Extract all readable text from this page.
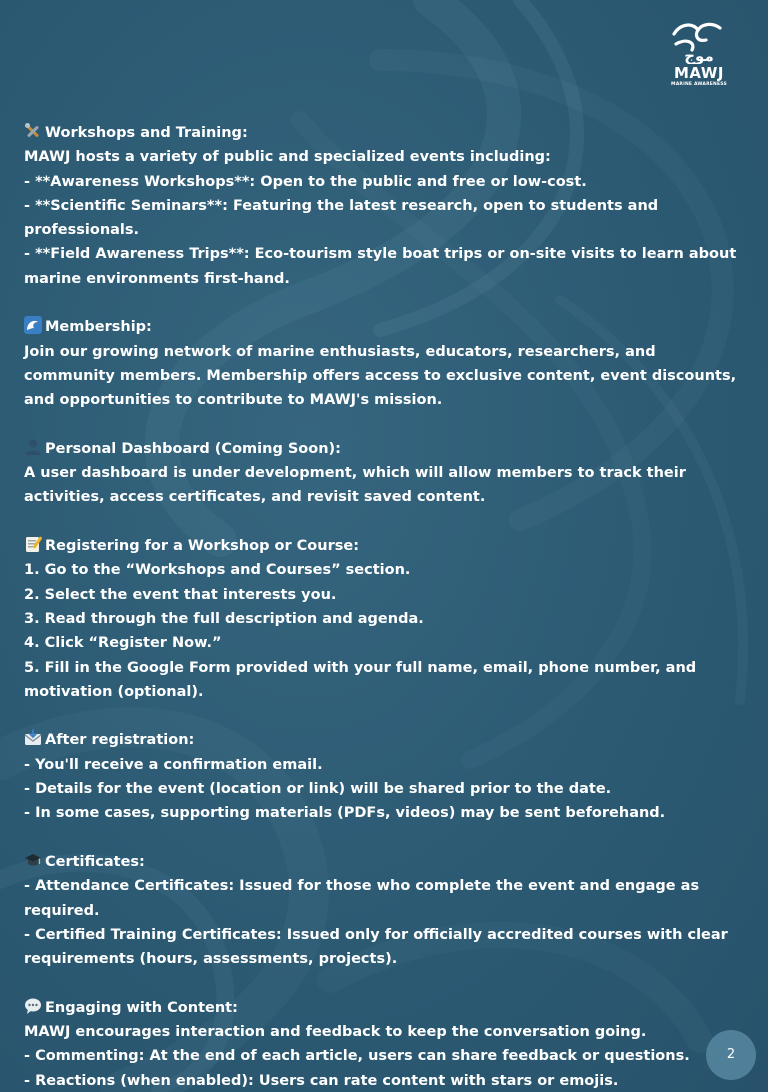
موج
MAWJ
MARINE AWARENESS
Workshops and Training:
MAWJ hosts a variety of public and specialized events including:
- **Awareness Workshops**: Open to the public and free or low-cost.
- **Scientific Seminars**: Featuring the latest research, open to students and professionals.
- **Field Awareness Trips**: Eco-tourism style boat trips or on-site visits to learn about marine environments first-hand.
Membership:
Join our growing network of marine enthusiasts, educators, researchers, and community members. Membership offers access to exclusive content, event discounts, and opportunities to contribute to MAWJ's mission.
Personal Dashboard (Coming Soon):
A user dashboard is under development, which will allow members to track their activities, access certificates, and revisit saved content.
Registering for a Workshop or Course:
1. Go to the “Workshops and Courses” section.
2. Select the event that interests you.
3. Read through the full description and agenda.
4. Click “Register Now.”
5. Fill in the Google Form provided with your full name, email, phone number, and motivation (optional).
After registration:
- You'll receive a confirmation email.
- Details for the event (location or link) will be shared prior to the date.
- In some cases, supporting materials (PDFs, videos) may be sent beforehand.
Certificates:
- Attendance Certificates: Issued for those who complete the event and engage as required.
- Certified Training Certificates: Issued only for officially accredited courses with clear requirements (hours, assessments, projects).
Engaging with Content:
MAWJ encourages interaction and feedback to keep the conversation going.
- Commenting: At the end of each article, users can share feedback or questions.
- Reactions (when enabled): Users can rate content with stars or emojis.
2
